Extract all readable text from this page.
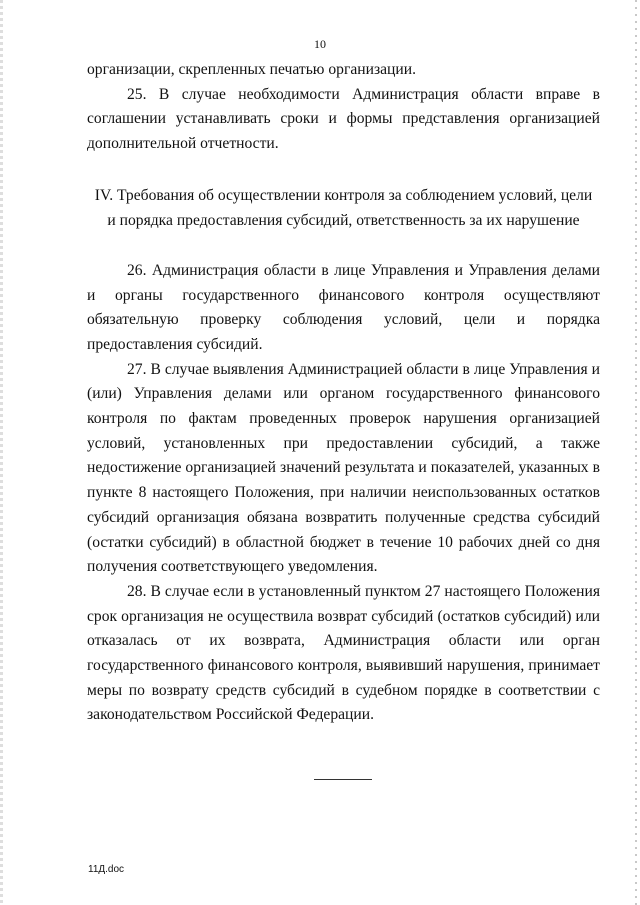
10

организации, скрепленных печатью организации.

25. В случае необходимости Администрация области вправе в соглашении устанавливать сроки и формы представления организацией дополнительной отчетности.

IV. Требования об осуществлении контроля за соблюдением условий, цели и порядка предоставления субсидий, ответственность за их нарушение

26. Администрация области в лице Управления и Управления делами и органы государственного финансового контроля осуществляют обязательную проверку соблюдения условий, цели и порядка предоставления субсидий.

27. В случае выявления Администрацией области в лице Управления и (или) Управления делами или органом государственного финансового контроля по фактам проведенных проверок нарушения организацией условий, установленных при предоставлении субсидий, а также недостижение организацией значений результата и показателей, указанных в пункте 8 настоящего Положения, при наличии неиспользованных остатков субсидий организация обязана возвратить полученные средства субсидий (остатки субсидий) в областной бюджет в течение 10 рабочих дней со дня получения соответствующего уведомления.

28. В случае если в установленный пунктом 27 настоящего Положения срок организация не осуществила возврат субсидий (остатков субсидий) или отказалась от их возврата, Администрация области или орган государственного финансового контроля, выявивший нарушения, принимает меры по возврату средств субсидий в судебном порядке в соответствии с законодательством Российской Федерации.

11Д.doc
